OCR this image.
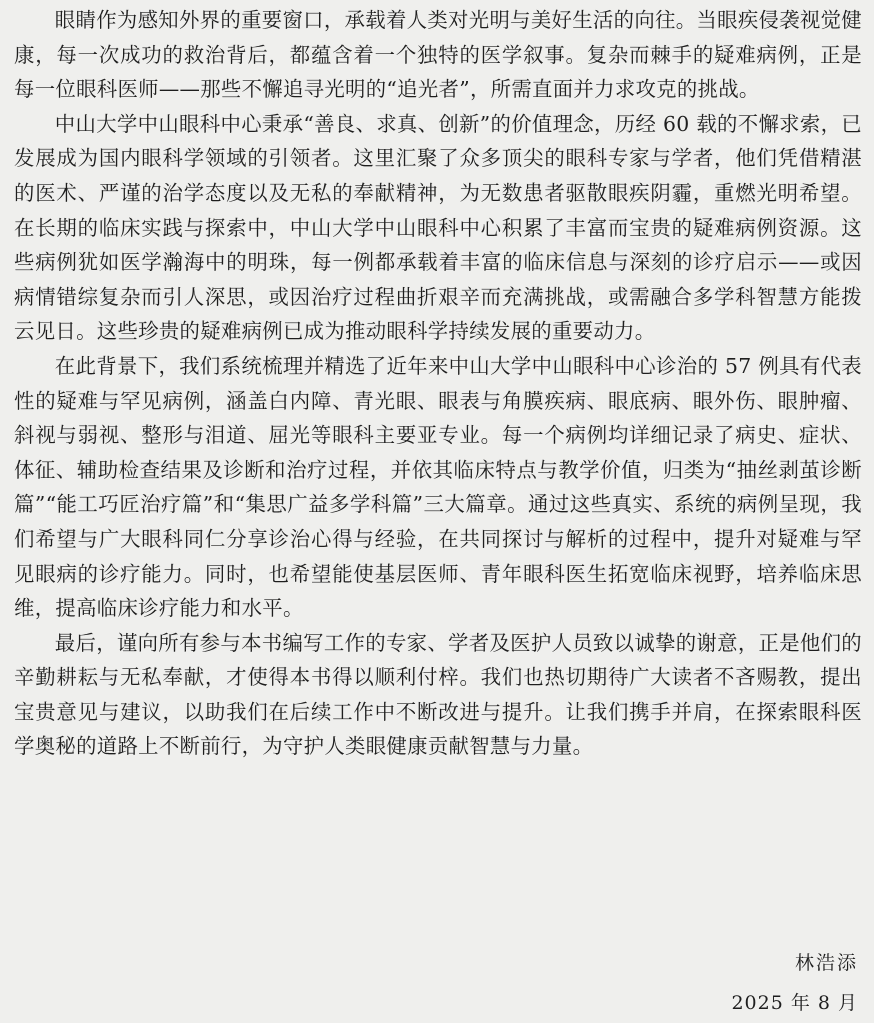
眼睛作为感知外界的重要窗口，承载着人类对光明与美好生活的向往。当眼疾侵袭视觉健康，每一次成功的救治背后，都蕴含着一个独特的医学叙事。复杂而棘手的疑难病例，正是每一位眼科医师——那些不懈追寻光明的“追光者”，所需直面并力求攻克的挑战。

中山大学中山眼科中心秉承“善良、求真、创新”的价值理念，历经 60 载的不懈求索，已发展成为国内眼科学领域的引领者。这里汇聚了众多顶尖的眼科专家与学者，他们凭借精湛的医术、严谨的治学态度以及无私的奉献精神，为无数患者驱散眼疾阴霾，重燃光明希望。在长期的临床实践与探索中，中山大学中山眼科中心积累了丰富而宝贵的疑难病例资源。这些病例犹如医学瀚海中的明珠，每一例都承载着丰富的临床信息与深刻的诊疗启示——或因病情错综复杂而引人深思，或因治疗过程曲折艰辛而充满挑战，或需融合多学科智慧方能拨云见日。这些珍贵的疑难病例已成为推动眼科学持续发展的重要动力。

在此背景下，我们系统梳理并精选了近年来中山大学中山眼科中心诊治的 57 例具有代表性的疑难与罕见病例，涵盖白内障、青光眼、眼表与角膜疾病、眼底病、眼外伤、眼肿瘤、斜视与弱视、整形与泪道、屈光等眼科主要亚专业。每一个病例均详细记录了病史、症状、体征、辅助检查结果及诊断和治疗过程，并依其临床特点与教学价值，归类为“抽丝剥茧诊断篇”“能工巧匠治疗篇”和“集思广益多学科篇”三大篇章。通过这些真实、系统的病例呈现，我们希望与广大眼科同仁分享诊治心得与经验，在共同探讨与解析的过程中，提升对疑难与罕见眼病的诊疗能力。同时，也希望能使基层医师、青年眼科医生拓宽临床视野，培养临床思维，提高临床诊疗能力和水平。

最后，谨向所有参与本书编写工作的专家、学者及医护人员致以诚挚的谢意，正是他们的辛勤耕耘与无私奉献，才使得本书得以顺利付梓。我们也热切期待广大读者不吝赐教，提出宝贵意见与建议，以助我们在后续工作中不断改进与提升。让我们携手并肩，在探索眼科医学奥秘的道路上不断前行，为守护人类眼健康贡献智慧与力量。

林浩添
2025 年 8 月
